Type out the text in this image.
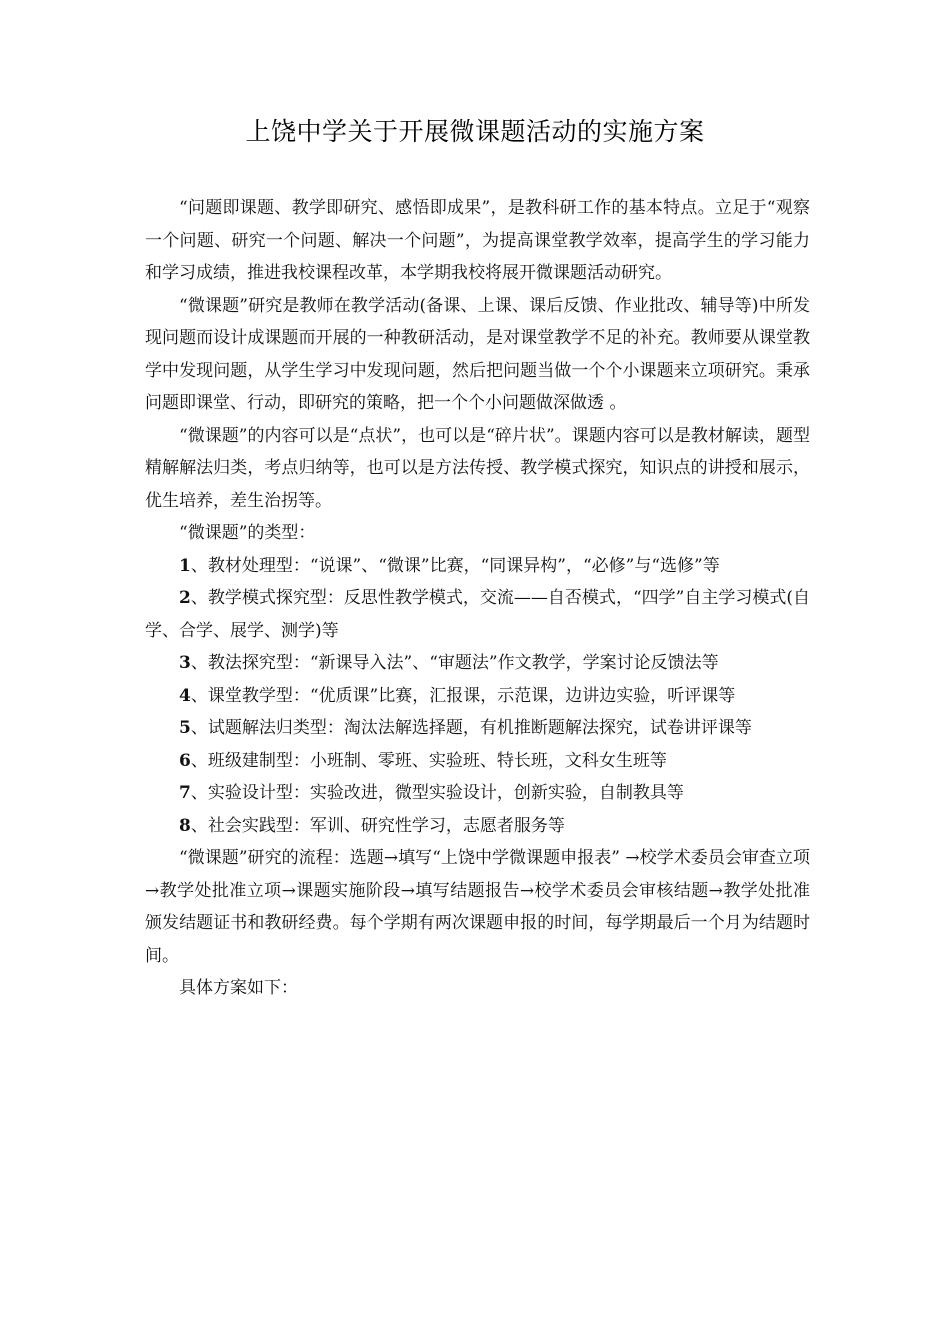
上饶中学关于开展微课题活动的实施方案

“问题即课题、教学即研究、感悟即成果”，是教科研工作的基本特点。立足于“观察一个问题、研究一个问题、解决一个问题”，为提高课堂教学效率，提高学生的学习能力和学习成绩，推进我校课程改革，本学期我校将展开微课题活动研究。

“微课题”研究是教师在教学活动(备课、上课、课后反馈、作业批改、辅导等)中所发现问题而设计成课题而开展的一种教研活动，是对课堂教学不足的补充。教师要从课堂教学中发现问题，从学生学习中发现问题，然后把问题当做一个个小课题来立项研究。秉承问题即课堂、行动，即研究的策略，把一个个小问题做深做透 。

“微课题”的内容可以是“点状”，也可以是“碎片状”。课题内容可以是教材解读，题型精解解法归类，考点归纳等，也可以是方法传授、教学模式探究，知识点的讲授和展示，优生培养，差生治拐等。

“微课题”的类型：

1、教材处理型：“说课”、“微课”比赛，“同课异构”，“必修”与“选修”等

2、教学模式探究型：反思性教学模式，交流——自否模式，“四学”自主学习模式(自学、合学、展学、测学)等

3、教法探究型：“新课导入法”、“审题法”作文教学，学案讨论反馈法等

4、课堂教学型：“优质课”比赛，汇报课，示范课，边讲边实验，听评课等

5、试题解法归类型：淘汰法解选择题，有机推断题解法探究，试卷讲评课等

6、班级建制型：小班制、零班、实验班、特长班，文科女生班等

7、实验设计型：实验改进，微型实验设计，创新实验，自制教具等

8、社会实践型：军训、研究性学习，志愿者服务等

“微课题”研究的流程：选题→填写“上饶中学微课题申报表” →校学术委员会审查立项→教学处批准立项→课题实施阶段→填写结题报告→校学术委员会审核结题→教学处批准颁发结题证书和教研经费。每个学期有两次课题申报的时间，每学期最后一个月为结题时间。

具体方案如下：
